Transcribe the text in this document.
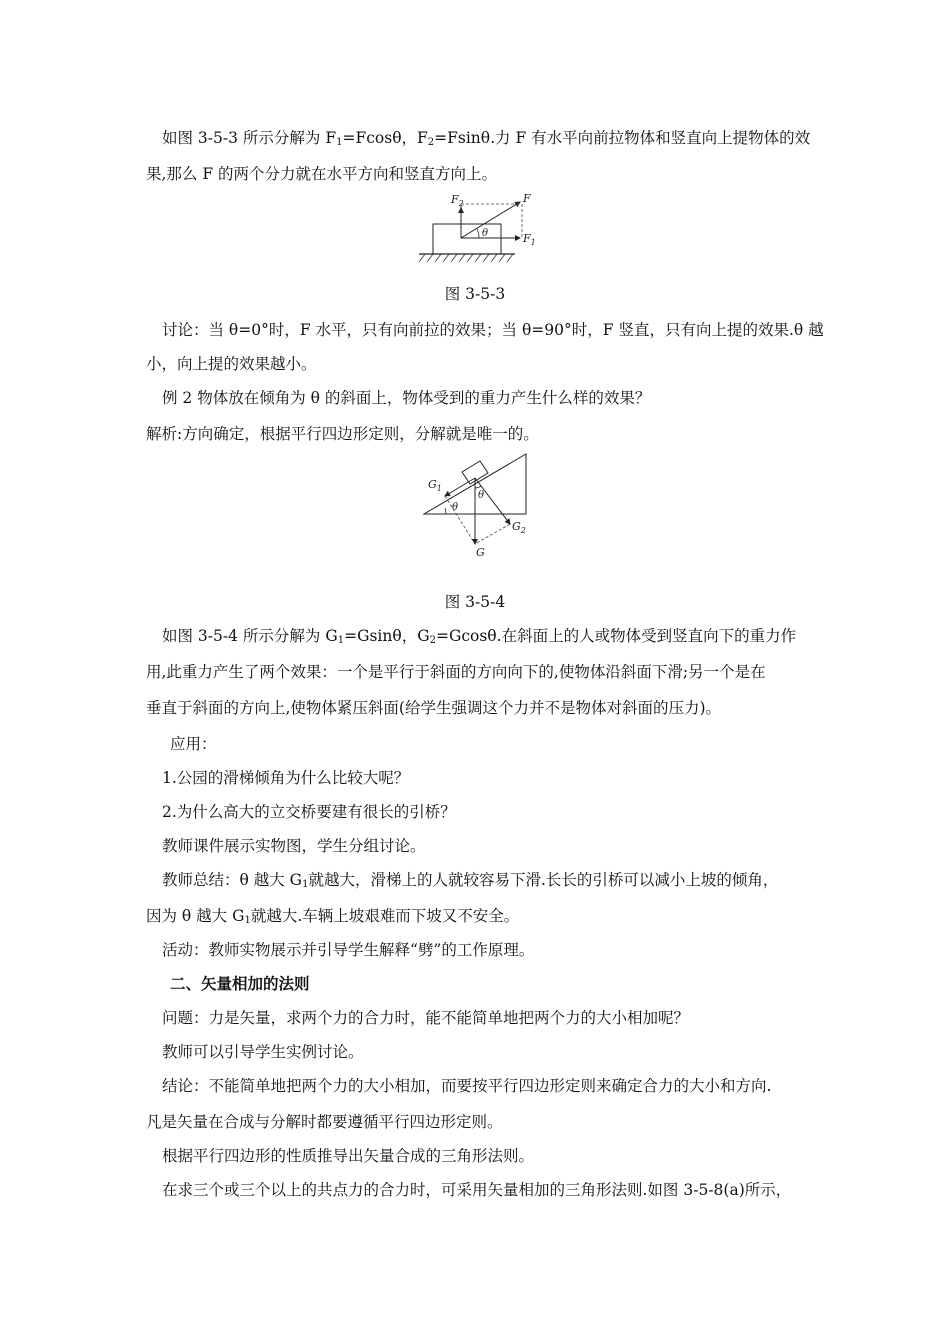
如图 3-5-3 所示分解为 $F_1=Fcos\theta$，$F_2=Fsin\theta$.力 F 有水平向前拉物体和竖直向上提物体的效
果,那么 F 的两个分力就在水平方向和竖直方向上。
$F_2$	F
$F_1$
θ
图 3-5-3
讨论：当 θ=0°时，F 水平，只有向前拉的效果；当 θ=90°时，F 竖直，只有向上提的效果.θ 越
小，向上提的效果越小。
例 2 物体放在倾角为 θ 的斜面上，物体受到的重力产生什么样的效果？
解析:方向确定，根据平行四边形定则，分解就是唯一的。
$G_1$
$G_2$
G
θ
θ
图 3-5-4
如图 3-5-4 所示分解为 $G_1=Gsin\theta$，$G_2=Gcos\theta$.在斜面上的人或物体受到竖直向下的重力作
用,此重力产生了两个效果：一个是平行于斜面的方向向下的,使物体沿斜面下滑;另一个是在
垂直于斜面的方向上,使物体紧压斜面(给学生强调这个力并不是物体对斜面的压力)。
应用：
1.公园的滑梯倾角为什么比较大呢？
2.为什么高大的立交桥要建有很长的引桥？
教师课件展示实物图，学生分组讨论。
教师总结：θ 越大 $G_1$就越大，滑梯上的人就较容易下滑.长长的引桥可以减小上坡的倾角，
因为 θ 越大 $G_1$就越大.车辆上坡艰难而下坡又不安全。
活动：教师实物展示并引导学生解释“劈”的工作原理。
二、矢量相加的法则
问题：力是矢量，求两个力的合力时，能不能简单地把两个力的大小相加呢？
教师可以引导学生实例讨论。
结论：不能简单地把两个力的大小相加，而要按平行四边形定则来确定合力的大小和方向.
凡是矢量在合成与分解时都要遵循平行四边形定则。
根据平行四边形的性质推导出矢量合成的三角形法则。
在求三个或三个以上的共点力的合力时，可采用矢量相加的三角形法则.如图 3-5-8(a)所示，
